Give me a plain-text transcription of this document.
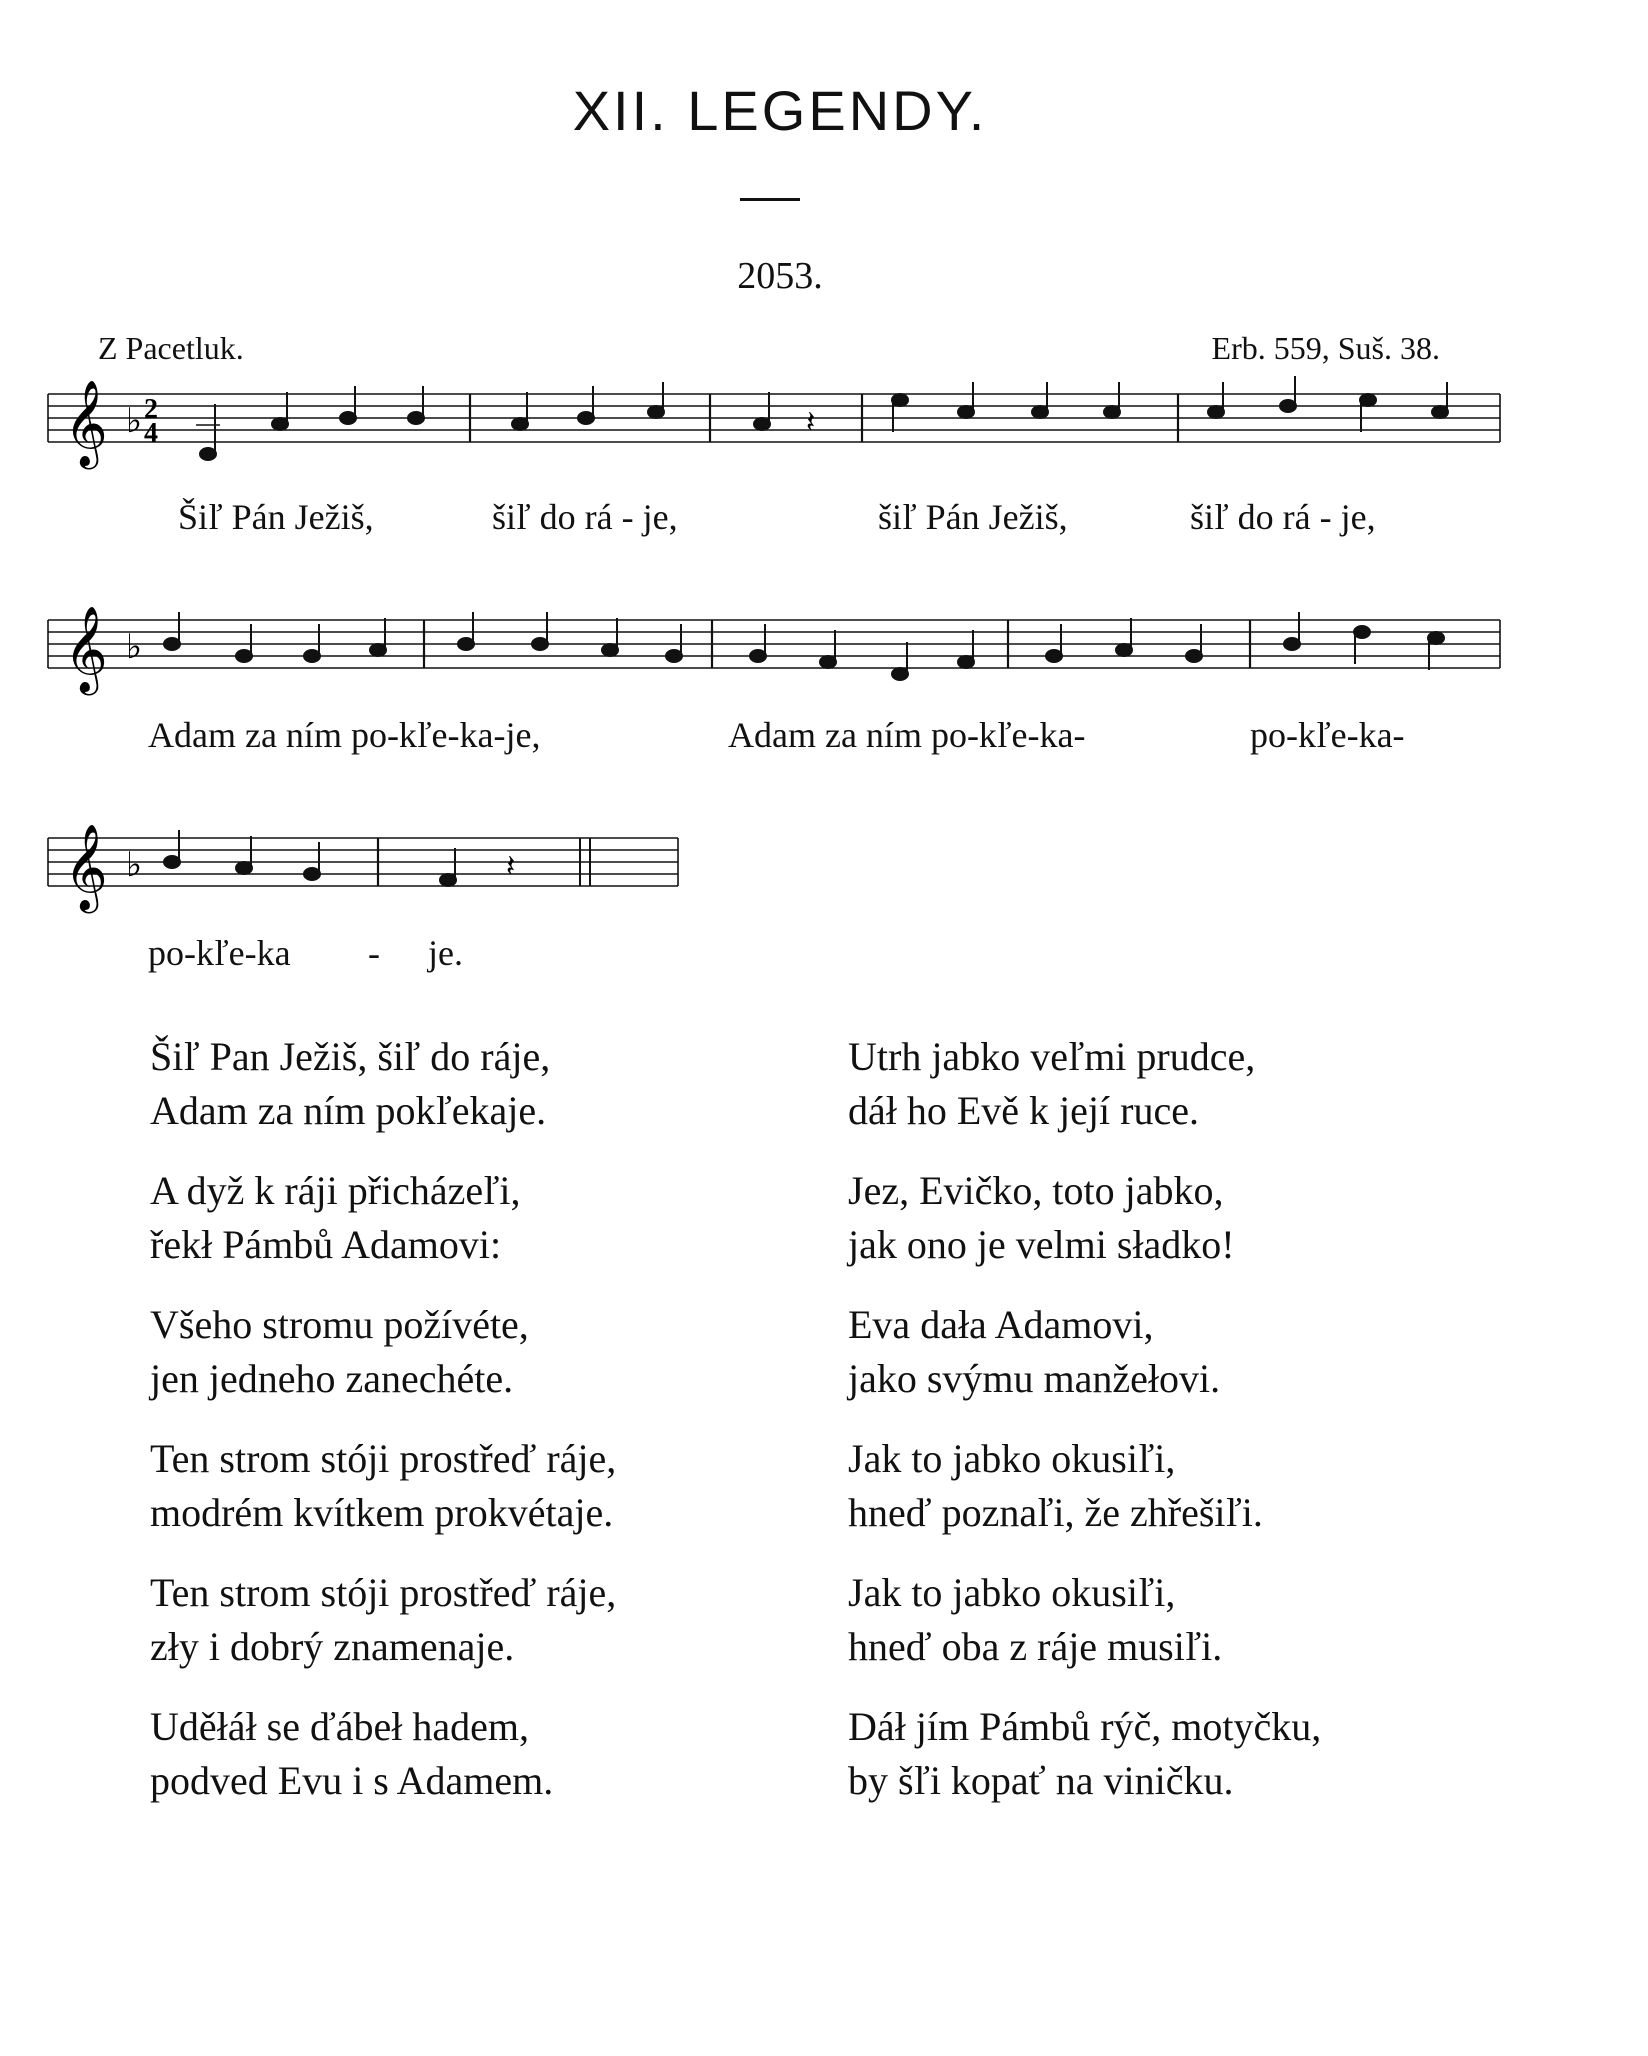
XII. LEGENDY.
2053.
Z Pacetluk.	Erb. 559, Suš. 38.
𝄞 ♭ 2
4	𝄽
Šiľ Pán Ježiš,	šiľ do rá - je,	šiľ Pán Ježiš,	šiľ do rá - je,
𝄞 ♭
Adam za ním po-kľe-ka-je,	Adam za ním po-kľe-ka-	po-kľe-ka-
𝄞 ♭	𝄽
po-kľe-ka - je.
Šiľ Pan Ježiš, šiľ do ráje,
Adam za ním pokľekaje.
A dyž k ráji přicházeľi,
řekł Pámbů Adamovi:
Všeho stromu požívéte,
jen jedneho zanechéte.
Ten strom stóji prostřeď ráje,
modrém kvítkem prokvétaje.
Ten strom stóji prostřeď ráje,
zły i dobrý znamenaje.
Uděłáł se ďábeł hadem,
podved Evu i s Adamem.
Utrh jabko veľmi prudce,
dáł ho Evě k její ruce.
Jez, Evičko, toto jabko,
jak ono je velmi sładko!
Eva dała Adamovi,
jako svýmu manžełovi.
Jak to jabko okusiľi,
hneď poznaľi, že zhřešiľi.
Jak to jabko okusiľi,
hneď oba z ráje musiľi.
Dáł jím Pámbů rýč, motyčku,
by šľi kopať na viničku.
